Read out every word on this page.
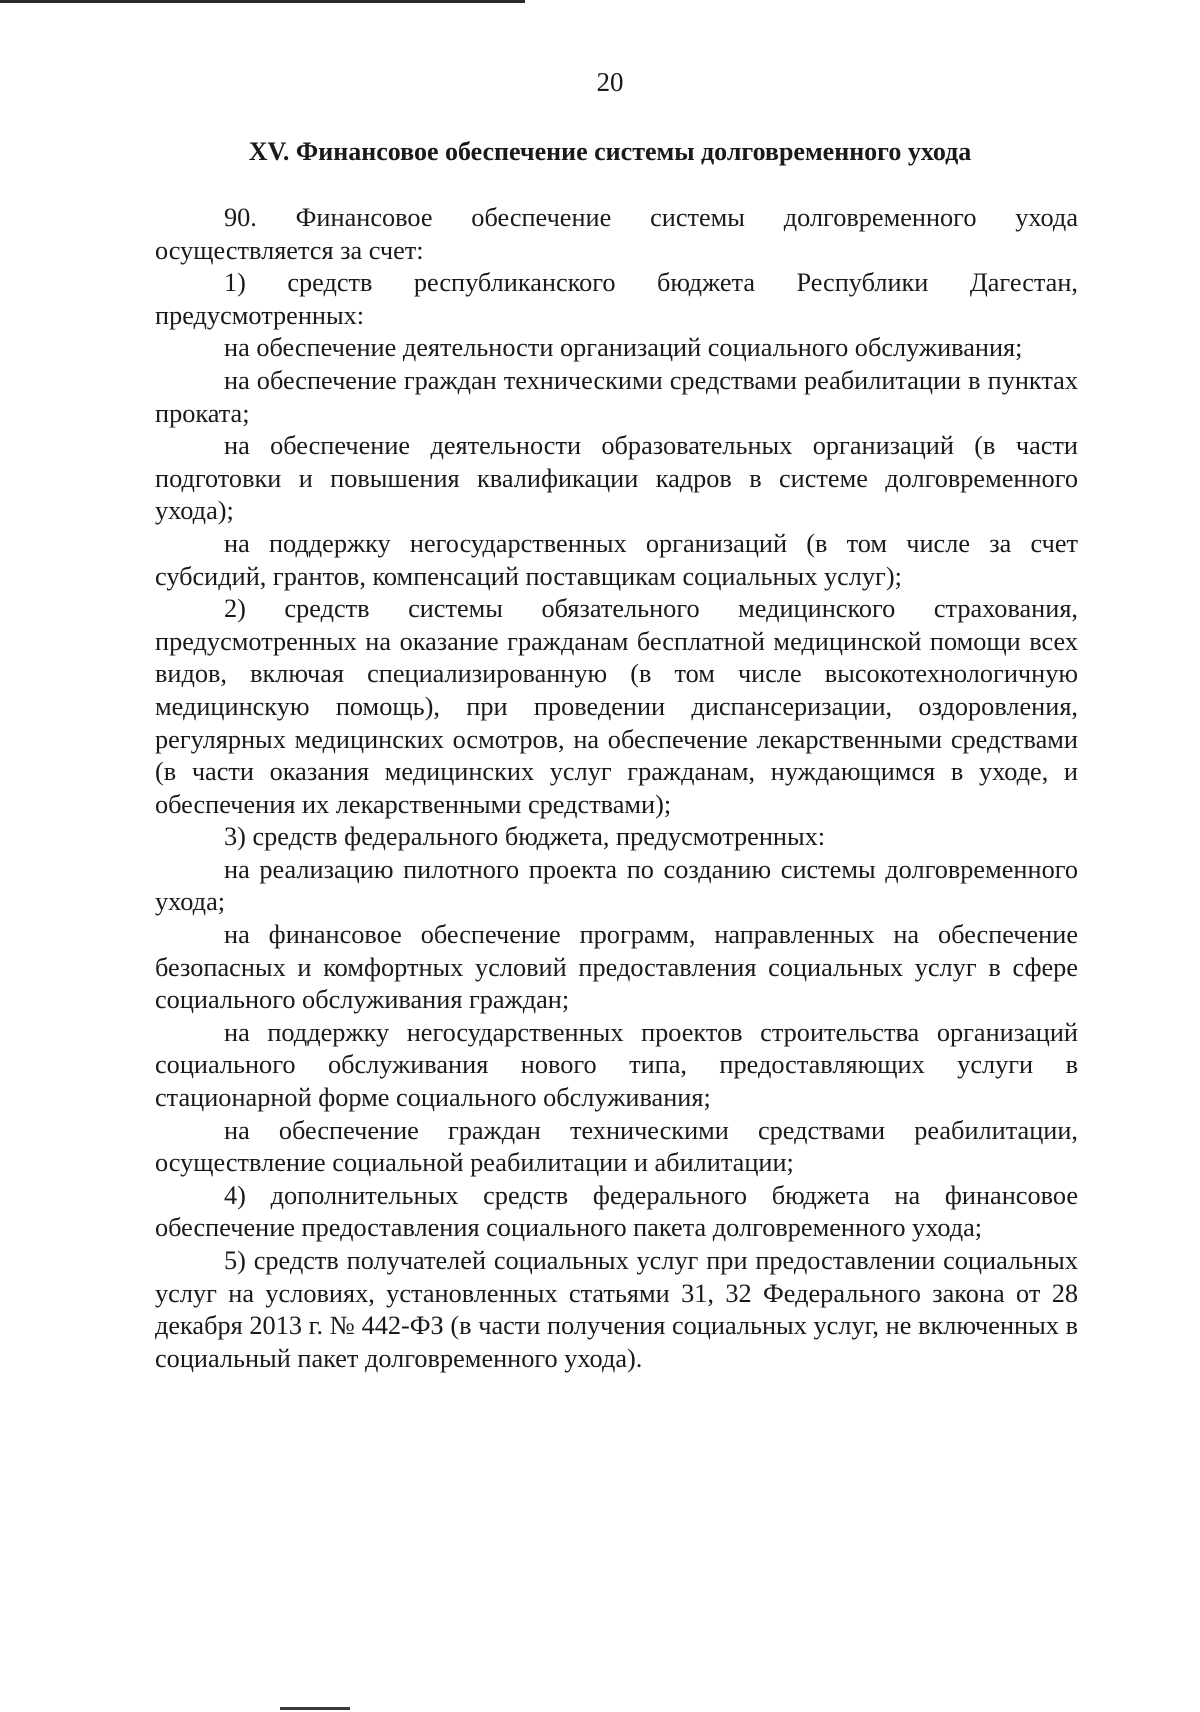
20
XV. Финансовое обеспечение системы долговременного ухода

90. Финансовое обеспечение системы долговременного ухода осуществляется за счет:

1) средств республиканского бюджета Республики Дагестан, предусмотренных:

на обеспечение деятельности организаций социального обслуживания;

на обеспечение граждан техническими средствами реабилитации в пунктах проката;

на обеспечение деятельности образовательных организаций (в части подготовки и повышения квалификации кадров в системе долговременного ухода);

на поддержку негосударственных организаций (в том числе за счет субсидий, грантов, компенсаций поставщикам социальных услуг);

2) средств системы обязательного медицинского страхования, предусмотренных на оказание гражданам бесплатной медицинской помощи всех видов, включая специализированную (в том числе высокотехнологичную медицинскую помощь), при проведении диспансеризации, оздоровления, регулярных медицинских осмотров, на обеспечение лекарственными средствами (в части оказания медицинских услуг гражданам, нуждающимся в уходе, и обеспечения их лекарственными средствами);

3) средств федерального бюджета, предусмотренных:

на реализацию пилотного проекта по созданию системы долговременного ухода;

на финансовое обеспечение программ, направленных на обеспечение безопасных и комфортных условий предоставления социальных услуг в сфере социального обслуживания граждан;

на поддержку негосударственных проектов строительства организаций социального обслуживания нового типа, предоставляющих услуги в стационарной форме социального обслуживания;

на обеспечение граждан техническими средствами реабилитации, осуществление социальной реабилитации и абилитации;

4) дополнительных средств федерального бюджета на финансовое обеспечение предоставления социального пакета долговременного ухода;

5) средств получателей социальных услуг при предоставлении социальных услуг на условиях, установленных статьями 31, 32 Федерального закона от 28 декабря 2013 г. № 442-ФЗ (в части получения социальных услуг, не включенных в социальный пакет долговременного ухода).
